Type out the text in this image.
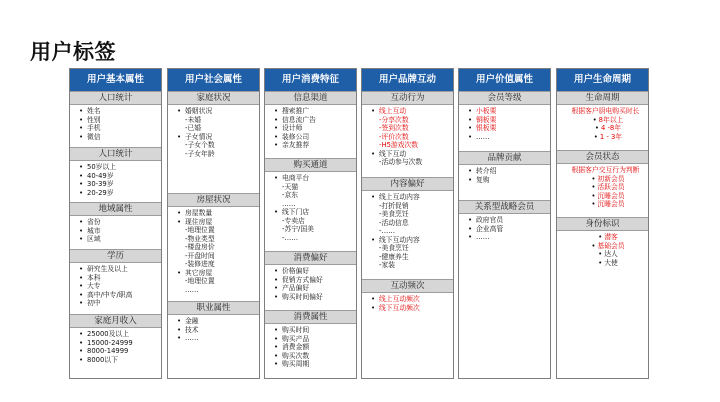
用户标签
用户基本属性
人口统计
• 姓名
• 性别
• 手机
• 微信
人口统计
• 50岁以上
• 40-49岁
• 30-39岁
• 20-29岁
地域属性
• 省份
• 城市
• 区域
学历
• 研究生及以上
• 本科
• 大专
• 高中/中专/职高
• 初中
家庭月收入
• 25000及以上
• 15000-24999
• 8000-14999
• 8000以下
用户社会属性
家庭状况
• 婚姻状况
-未婚
-已婚
• 子女情况
-子女个数
-子女年龄
房屋状况
• 房屋数量
• 现住房屋
-地理位置
-物业类型
-楼盘房价
-开盘时间
-装修进度
• 其它房屋
-地理位置
……
职业属性
• 金融
• 技术
• ……
用户消费特征
信息渠道
• 搜索推广
• 信息流广告
• 设计师
• 装修公司
• 亲友推荐
购买通道
• 电商平台
-天猫
-京东
……
• 线下门店
-专卖店
-苏宁/国美
-……
消费偏好
• 价格偏好
• 促销方式偏好
• 产品偏好
• 购买时间偏好
消费属性
• 购买时间
• 购买产品
• 消费金额
• 购买次数
• 购买周期
用户品牌互动
互动行为
• 线上互动
-分享次数
-签到次数
-评价次数
-H5游戏次数
• 线下互动
-活动参与次数
内容偏好
• 线上互动内容
-打折促销
-美食烹饪
-活动信息
-……
• 线下互动内容
-美食烹饪
-健康养生
-家装
互动频次
• 线上互动频次
• 线下互动频次
用户价值属性
会员等级
• 小板栗
• 铜板栗
• 银板栗
• ……
品牌贡献
• 转介绍
• 复购
关系型战略会员
• 政府官员
• 企业高管
• ……
用户生命周期
生命周期
根据客户厨电购买时长
• 8年以上
• 4 -8年
• 1 - 3年
会员状态
根据客户交互行为判断
• 初新会员
• 活跃会员
• 沉睡会员
• 沉睡会员
身份标识
• 潜客
• 基础会员
• 达人
• 大使
